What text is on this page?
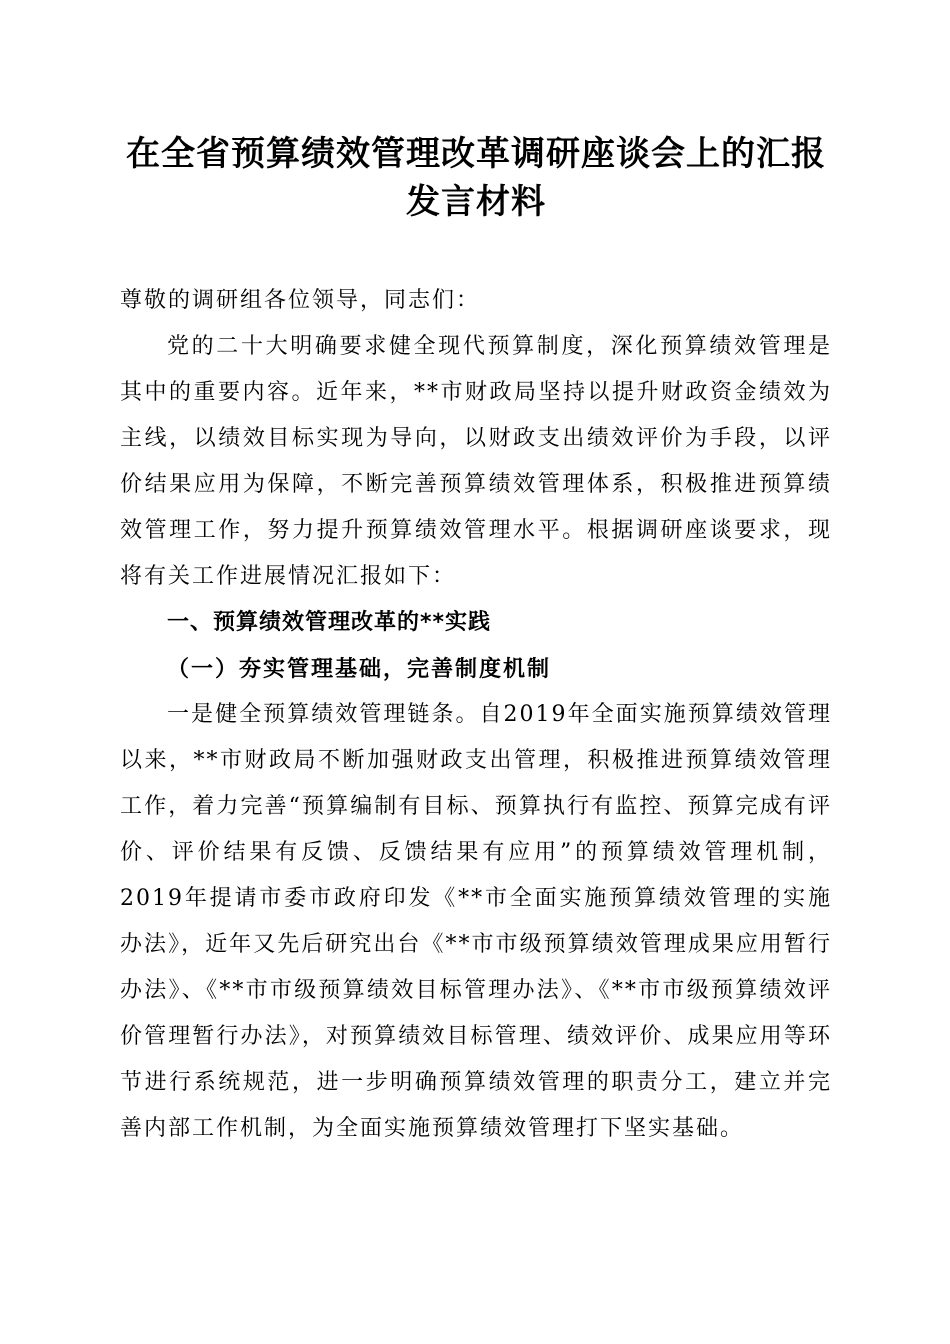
在全省预算绩效管理改革调研座谈会上的汇报
发言材料

尊敬的调研组各位领导，同志们：

党的二十大明确要求健全现代预算制度，深化预算绩效管理是其中的重要内容。近年来，**市财政局坚持以提升财政资金绩效为主线，以绩效目标实现为导向，以财政支出绩效评价为手段，以评价结果应用为保障，不断完善预算绩效管理体系，积极推进预算绩效管理工作，努力提升预算绩效管理水平。根据调研座谈要求，现将有关工作进展情况汇报如下：

一、预算绩效管理改革的**实践

（一）夯实管理基础，完善制度机制

一是健全预算绩效管理链条。自2019年全面实施预算绩效管理以来，**市财政局不断加强财政支出管理，积极推进预算绩效管理工作，着力完善“预算编制有目标、预算执行有监控、预算完成有评价、评价结果有反馈、反馈结果有应用”的预算绩效管理机制，2019年提请市委市政府印发《**市全面实施预算绩效管理的实施办法》，近年又先后研究出台《**市市级预算绩效管理成果应用暂行办法》、《**市市级预算绩效目标管理办法》、《**市市级预算绩效评价管理暂行办法》，对预算绩效目标管理、绩效评价、成果应用等环节进行系统规范，进一步明确预算绩效管理的职责分工，建立并完善内部工作机制，为全面实施预算绩效管理打下坚实基础。
